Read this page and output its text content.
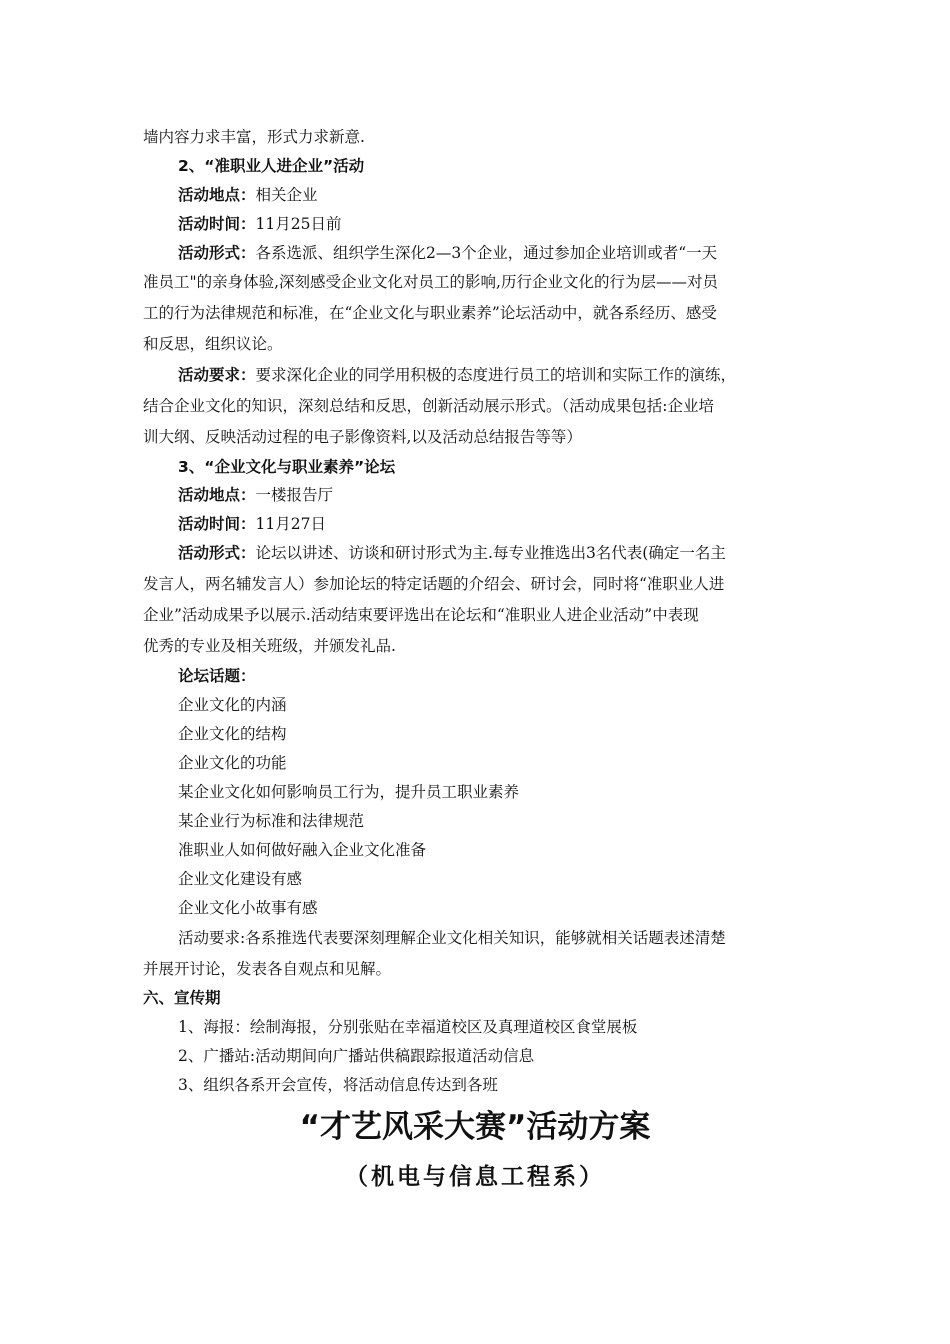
墙内容力求丰富，形式力求新意.
2、“准职业人进企业”活动
活动地点：相关企业
活动时间：11月25日前
活动形式：各系选派、组织学生深化2—3个企业，通过参加企业培训或者“一天
准员工"的亲身体验,深刻感受企业文化对员工的影响,历行企业文化的行为层——对员
工的行为法律规范和标准，在“企业文化与职业素养”论坛活动中，就各系经历、感受
和反思，组织议论。
活动要求：要求深化企业的同学用积极的态度进行员工的培训和实际工作的演练，
结合企业文化的知识，深刻总结和反思，创新活动展示形式。（活动成果包括:企业培
训大纲、反映活动过程的电子影像资料,以及活动总结报告等等）
3、“企业文化与职业素养”论坛
活动地点：一楼报告厅
活动时间：11月27日
活动形式：论坛以讲述、访谈和研讨形式为主.每专业推选出3名代表(确定一名主
发言人，两名辅发言人）参加论坛的特定话题的介绍会、研讨会，同时将“准职业人进
企业”活动成果予以展示.活动结束要评选出在论坛和“准职业人进企业活动”中表现
优秀的专业及相关班级，并颁发礼品.
论坛话题：
企业文化的内涵
企业文化的结构
企业文化的功能
某企业文化如何影响员工行为，提升员工职业素养
某企业行为标准和法律规范
准职业人如何做好融入企业文化准备
企业文化建设有感
企业文化小故事有感
活动要求:各系推选代表要深刻理解企业文化相关知识，能够就相关话题表述清楚
并展开讨论，发表各自观点和见解。
六、宣传期
1、海报：绘制海报，分别张贴在幸福道校区及真理道校区食堂展板
2、广播站:活动期间向广播站供稿跟踪报道活动信息
3、组织各系开会宣传，将活动信息传达到各班
“才艺风采大赛”活动方案
（机电与信息工程系）
